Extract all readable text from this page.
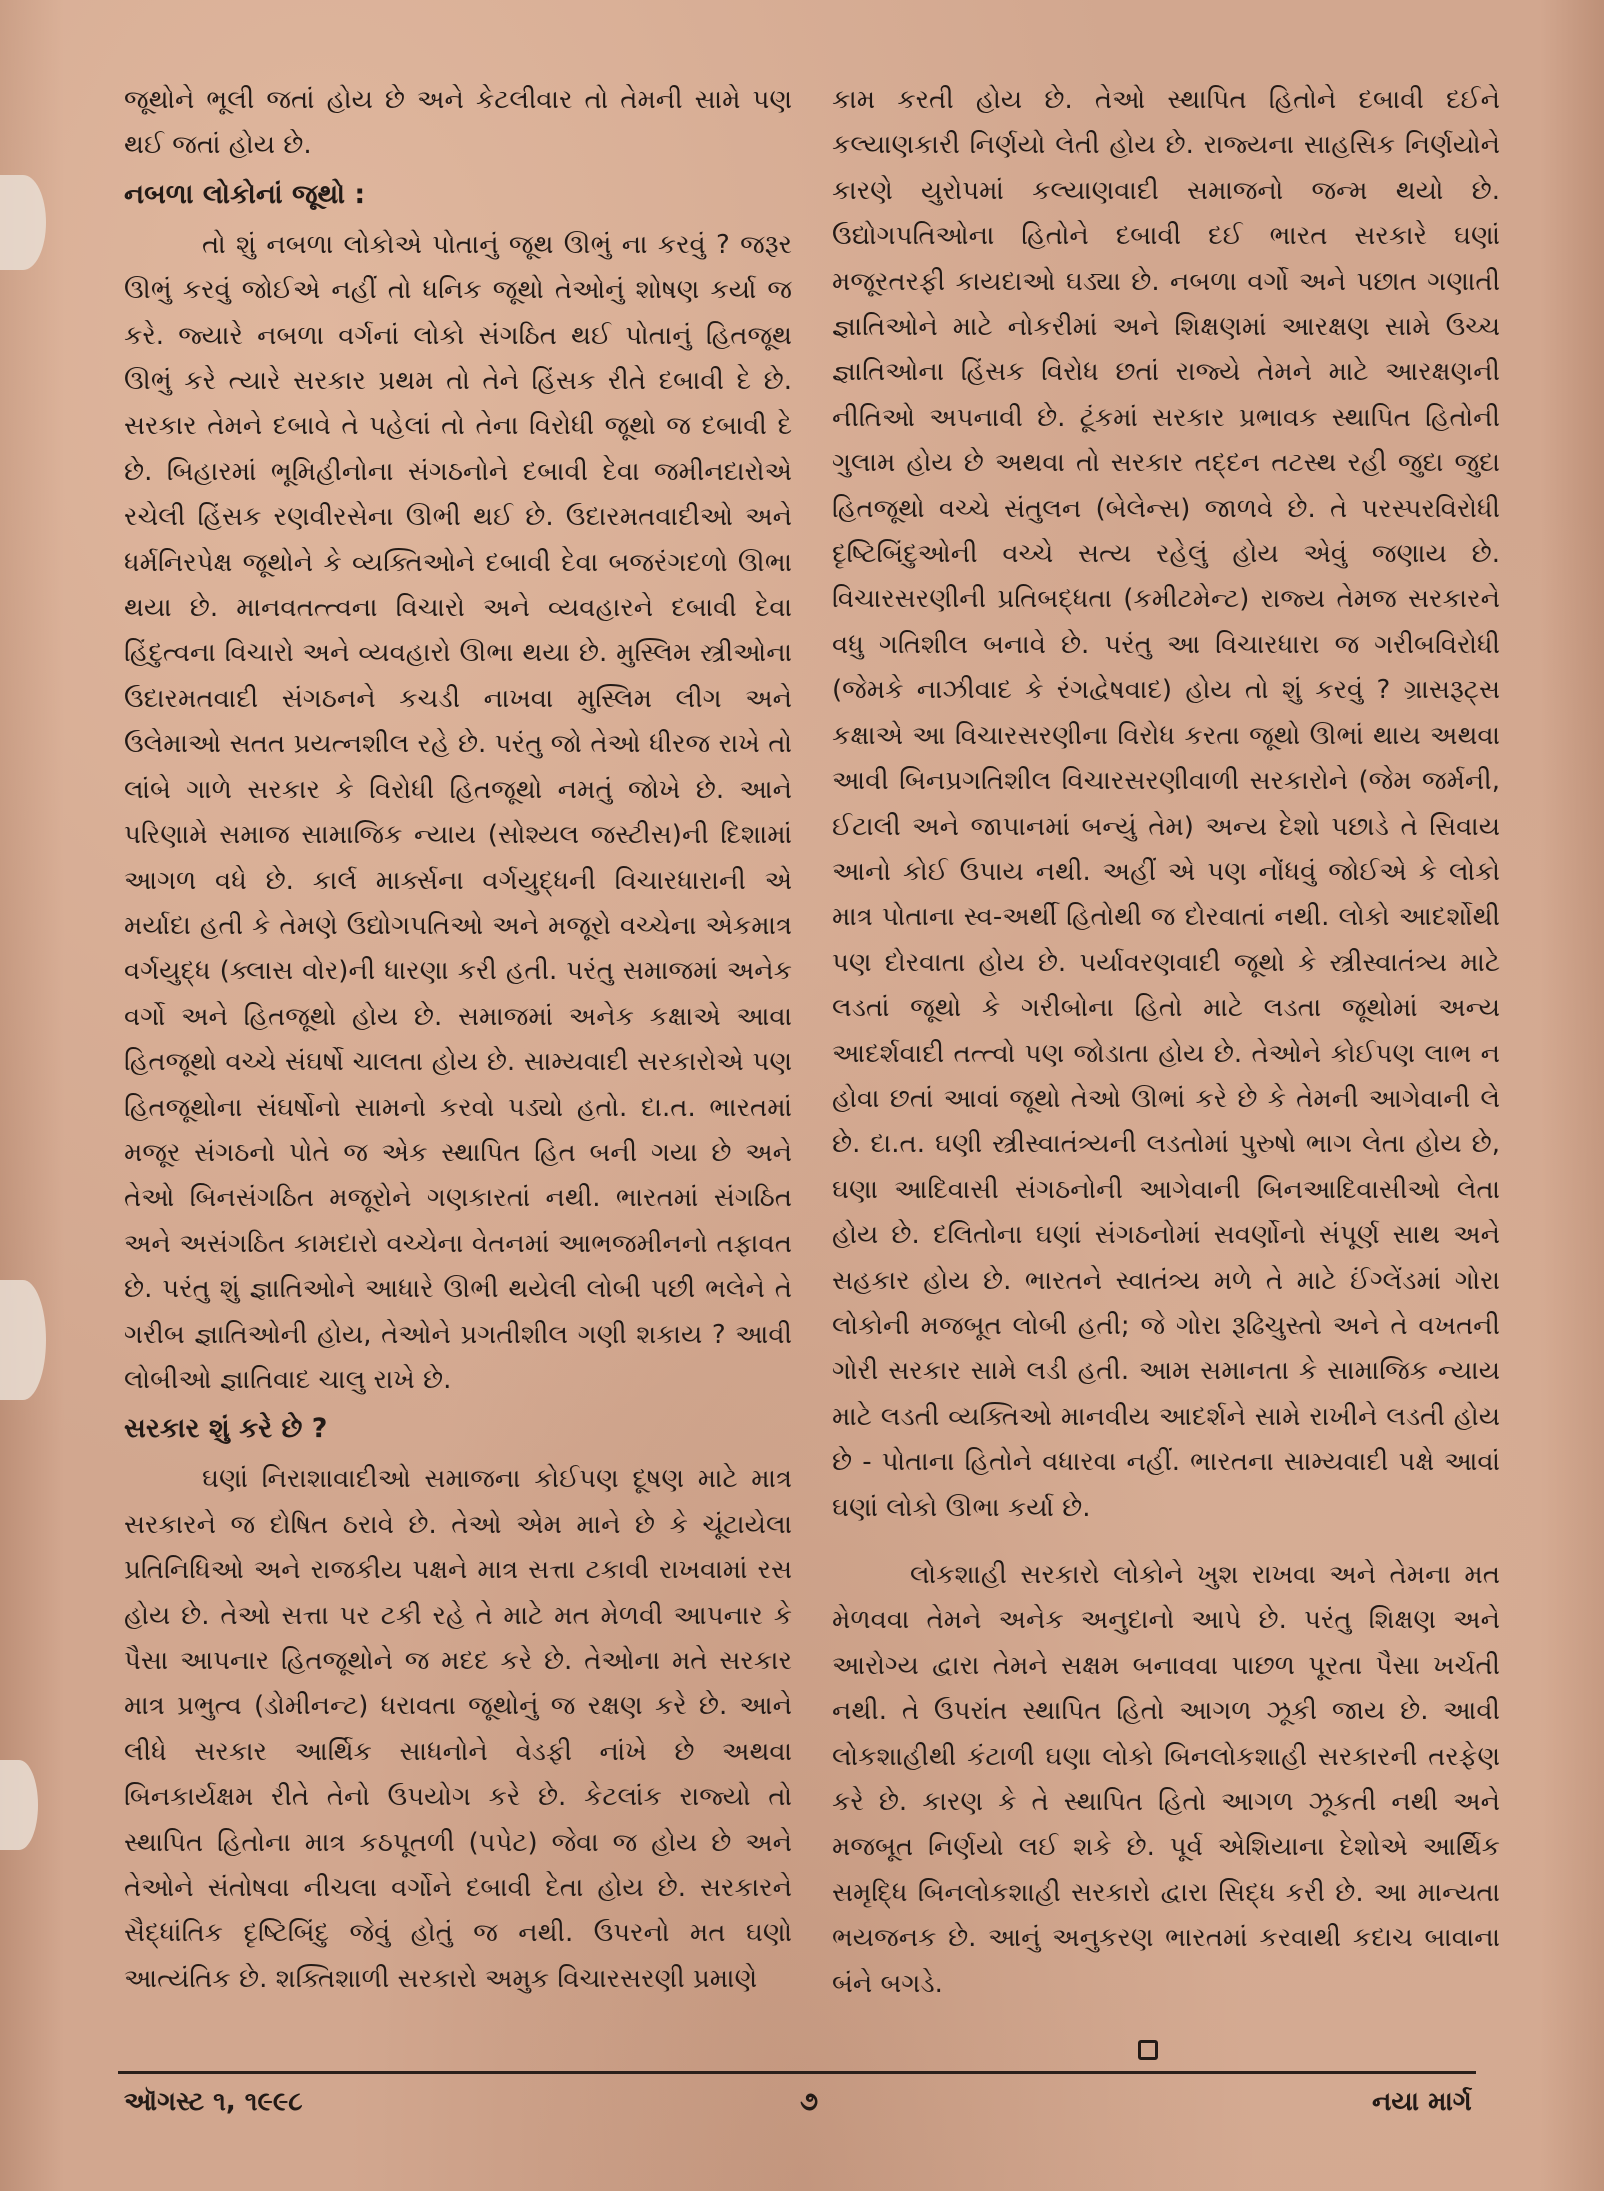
જૂથોને ભૂલી જતાં હોય છે અને કેટલીવાર તો તેમની સામે પણ થઈ જતાં હોય છે.

નબળા લોકોનાં જૂથો :

તો શું નબળા લોકોએ પોતાનું જૂથ ઊભું ના કરવું ? જરૂર ઊભું કરવું જોઈએ નહીં તો ધનિક જૂથો તેઓનું શોષણ કર્યા જ કરે. જ્યારે નબળા વર્ગનાં લોકો સંગઠિત થઈ પોતાનું હિતજૂથ ઊભું કરે ત્યારે સરકાર પ્રથમ તો તેને હિંસક રીતે દબાવી દે છે. સરકાર તેમને દબાવે તે પહેલાં તો તેના વિરોધી જૂથો જ દબાવી દે છે. બિહારમાં ભૂમિહીનોના સંગઠનોને દબાવી દેવા જમીનદારોએ રચેલી હિંસક રણવીરસેના ઊભી થઈ છે. ઉદારમતવાદીઓ અને ધર્મનિરપેક્ષ જૂથોને કે વ્યક્તિઓને દબાવી દેવા બજરંગદળો ઊભા થયા છે. માનવતત્ત્વના વિચારો અને વ્યવહારને દબાવી દેવા હિંદુત્વના વિચારો અને વ્યવહારો ઊભા થયા છે. મુસ્લિમ સ્ત્રીઓના ઉદારમતવાદી સંગઠનને કચડી નાખવા મુસ્લિમ લીગ અને ઉલેમાઓ સતત પ્રયત્નશીલ રહે છે. પરંતુ જો તેઓ ધીરજ રાખે તો લાંબે ગાળે સરકાર કે વિરોધી હિતજૂથો નમતું જોખે છે. આને પરિણામે સમાજ સામાજિક ન્યાય (સોશ્યલ જસ્ટીસ)ની દિશામાં આગળ વધે છે. કાર્લ માર્ક્સના વર્ગયુદ્ધની વિચારધારાની એ મર્યાદા હતી કે તેમણે ઉદ્યોગપતિઓ અને મજૂરો વચ્ચેના એકમાત્ર વર્ગયુદ્ધ (ક્લાસ વોર)ની ધારણા કરી હતી. પરંતુ સમાજમાં અનેક વર્ગો અને હિતજૂથો હોય છે. સમાજમાં અનેક કક્ષાએ આવા હિતજૂથો વચ્ચે સંઘર્ષો ચાલતા હોય છે. સામ્યવાદી સરકારોએ પણ હિતજૂથોના સંઘર્ષોનો સામનો કરવો પડ્યો હતો. દા.ત. ભારતમાં મજૂર સંગઠનો પોતે જ એક સ્થાપિત હિત બની ગયા છે અને તેઓ બિનસંગઠિત મજૂરોને ગણકારતાં નથી. ભારતમાં સંગઠિત અને અસંગઠિત કામદારો વચ્ચેના વેતનમાં આભજમીનનો તફાવત છે. પરંતુ શું જ્ઞાતિઓને આધારે ઊભી થયેલી લોબી પછી ભલેને તે ગરીબ જ્ઞાતિઓની હોય, તેઓને પ્રગતીશીલ ગણી શકાય ? આવી લોબીઓ જ્ઞાતિવાદ ચાલુ રાખે છે.

સરકાર શું કરે છે ?

ઘણાં નિરાશાવાદીઓ સમાજના કોઈપણ દૂષણ માટે માત્ર સરકારને જ દોષિત ઠરાવે છે. તેઓ એમ માને છે કે ચૂંટાયેલા પ્રતિનિધિઓ અને રાજકીય પક્ષને માત્ર સત્તા ટકાવી રાખવામાં રસ હોય છે. તેઓ સત્તા પર ટકી રહે તે માટે મત મેળવી આપનાર કે પૈસા આપનાર હિતજૂથોને જ મદદ કરે છે. તેઓના મતે સરકાર માત્ર પ્રભુત્વ (ડોમીનન્ટ) ધરાવતા જૂથોનું જ રક્ષણ કરે છે. આને લીધે સરકાર આર્થિક સાધનોને વેડફી નાંખે છે અથવા બિનકાર્યક્ષમ રીતે તેનો ઉપયોગ કરે છે. કેટલાંક રાજ્યો તો સ્થાપિત હિતોના માત્ર કઠપૂતળી (પપેટ) જેવા જ હોય છે અને તેઓને સંતોષવા નીચલા વર્ગોને દબાવી દેતા હોય છે. સરકારને સૈદ્ધાંતિક દૃષ્ટિબિંદુ જેવું હોતું જ નથી. ઉપરનો મત ઘણો આત્યંતિક છે. શક્તિશાળી સરકારો અમુક વિચારસરણી પ્રમાણે

કામ કરતી હોય છે. તેઓ સ્થાપિત હિતોને દબાવી દઈને કલ્યાણકારી નિર્ણયો લેતી હોય છે. રાજ્યના સાહસિક નિર્ણયોને કારણે યુરોપમાં કલ્યાણવાદી સમાજનો જન્મ થયો છે. ઉદ્યોગપતિઓના હિતોને દબાવી દઈ ભારત સરકારે ઘણાં મજૂરતરફી કાયદાઓ ઘડ્યા છે. નબળા વર્ગો અને પછાત ગણાતી જ્ઞાતિઓને માટે નોકરીમાં અને શિક્ષણમાં આરક્ષણ સામે ઉચ્ચ જ્ઞાતિઓના હિંસક વિરોધ છતાં રાજ્યે તેમને માટે આરક્ષણની નીતિઓ અપનાવી છે. ટૂંકમાં સરકાર પ્રભાવક સ્થાપિત હિતોની ગુલામ હોય છે અથવા તો સરકાર તદ્દન તટસ્થ રહી જુદા જુદા હિતજૂથો વચ્ચે સંતુલન (બેલેન્સ) જાળવે છે. તે પરસ્પરવિરોધી દૃષ્ટિબિંદુઓની વચ્ચે સત્ય રહેલું હોય એવું જણાય છે. વિચારસરણીની પ્રતિબદ્ધતા (કમીટમેન્ટ) રાજ્ય તેમજ સરકારને વધુ ગતિશીલ બનાવે છે. પરંતુ આ વિચારધારા જ ગરીબવિરોધી (જેમકે નાઝીવાદ કે રંગદ્વેષવાદ) હોય તો શું કરવું ? ગ્રાસરૂટ્સ કક્ષાએ આ વિચારસરણીના વિરોધ કરતા જૂથો ઊભાં થાય અથવા આવી બિનપ્રગતિશીલ વિચારસરણીવાળી સરકારોને (જેમ જર્મની, ઈટાલી અને જાપાનમાં બન્યું તેમ) અન્ય દેશો પછાડે તે સિવાય આનો કોઈ ઉપાય નથી. અહીં એ પણ નોંધવું જોઈએ કે લોકો માત્ર પોતાના સ્વ-અર્થી હિતોથી જ દોરવાતાં નથી. લોકો આદર્શોથી પણ દોરવાતા હોય છે. પર્યાવરણવાદી જૂથો કે સ્ત્રીસ્વાતંત્ર્ય માટે લડતાં જૂથો કે ગરીબોના હિતો માટે લડતા જૂથોમાં અન્ય આદર્શવાદી તત્ત્વો પણ જોડાતા હોય છે. તેઓને કોઈપણ લાભ ન હોવા છતાં આવાં જૂથો તેઓ ઊભાં કરે છે કે તેમની આગેવાની લે છે. દા.ત. ઘણી સ્ત્રીસ્વાતંત્ર્યની લડતોમાં પુરુષો ભાગ લેતા હોય છે, ઘણા આદિવાસી સંગઠનોની આગેવાની બિનઆદિવાસીઓ લેતા હોય છે. દલિતોના ઘણાં સંગઠનોમાં સવર્ણોનો સંપૂર્ણ સાથ અને સહકાર હોય છે. ભારતને સ્વાતંત્ર્ય મળે તે માટે ઈંગ્લેંડમાં ગોરા લોકોની મજબૂત લોબી હતી; જે ગોરા રૂઢિચુસ્તો અને તે વખતની ગોરી સરકાર સામે લડી હતી. આમ સમાનતા કે સામાજિક ન્યાય માટે લડતી વ્યક્તિઓ માનવીય આદર્શને સામે રાખીને લડતી હોય છે - પોતાના હિતોને વધારવા નહીં. ભારતના સામ્યવાદી પક્ષે આવાં ઘણાં લોકો ઊભા કર્યા છે.

લોકશાહી સરકારો લોકોને ખુશ રાખવા અને તેમના મત મેળવવા તેમને અનેક અનુદાનો આપે છે. પરંતુ શિક્ષણ અને આરોગ્ય દ્વારા તેમને સક્ષમ બનાવવા પાછળ પૂરતા પૈસા ખર્ચતી નથી. તે ઉપરાંત સ્થાપિત હિતો આગળ ઝૂકી જાય છે. આવી લોકશાહીથી કંટાળી ઘણા લોકો બિનલોકશાહી સરકારની તરફેણ કરે છે. કારણ કે તે સ્થાપિત હિતો આગળ ઝૂકતી નથી અને મજબૂત નિર્ણયો લઈ શકે છે. પૂર્વ એશિયાના દેશોએ આર્થિક સમૃદ્ધિ બિનલોકશાહી સરકારો દ્વારા સિદ્ધ કરી છે. આ માન્યતા ભયજનક છે. આનું અનુકરણ ભારતમાં કરવાથી કદાચ બાવાના બંને બગડે.

ઑગસ્ટ ૧, ૧૯૯૮	૭	નયા માર્ગ
